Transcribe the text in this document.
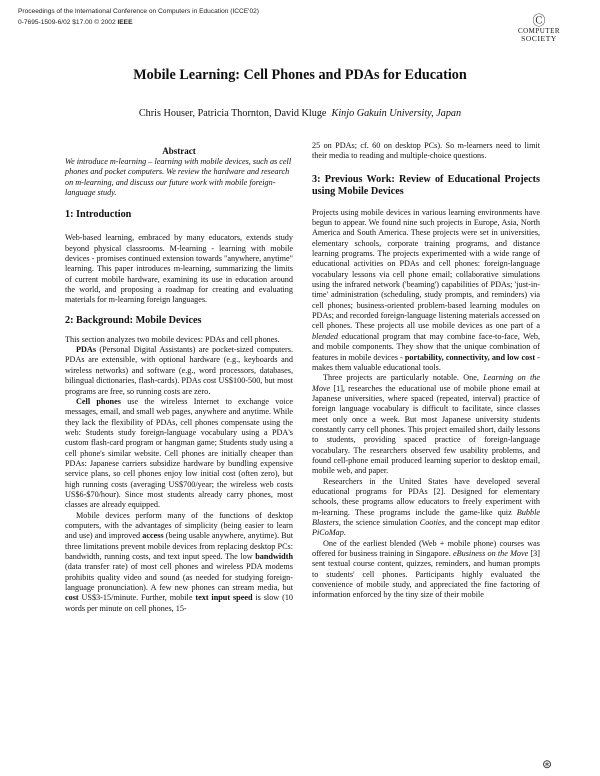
Proceedings of the International Conference on Computers in Education (ICCE'02)
0-7695-1509-6/02 $17.00 © 2002 IEEE	Ⓒ
COMPUTER
SOCIETY
Mobile Learning: Cell Phones and PDAs for Education
Chris Houser, Patricia Thornton, David Kluge Kinjo Gakuin University, Japan
Abstract

We introduce m-learning – learning with mobile devices, such as cell phones and pocket computers. We review the hardware and research on m-learning, and discuss our future work with mobile foreign-language study.

1: Introduction

Web-based learning, embraced by many educators, extends study beyond physical classrooms. M-learning - learning with mobile devices - promises continued extension towards "anywhere, anytime" learning. This paper introduces m-learning, summarizing the limits of current mobile hardware, examining its use in education around the world, and proposing a roadmap for creating and evaluating materials for m-learning foreign languages.

2: Background: Mobile Devices

This section analyzes two mobile devices: PDAs and cell phones.

PDAs (Personal Digital Assistants) are pocket-sized computers. PDAs are extensible, with optional hardware (e.g., keyboards and wireless networks) and software (e.g., word processors, databases, bilingual dictionaries, flash-cards). PDAs cost US$100-500, but most programs are free, so running costs are zero.

Cell phones use the wireless Internet to exchange voice messages, email, and small web pages, anywhere and anytime. While they lack the flexibility of PDAs, cell phones compensate using the web: Students study foreign-language vocabulary using a PDA's custom flash-card program or hangman game; Students study using a cell phone's similar website. Cell phones are initially cheaper than PDAs: Japanese carriers subsidize hardware by bundling expensive service plans, so cell phones enjoy low initial cost (often zero), but high running costs (averaging US$700/year; the wireless web costs US$6-$70/hour). Since most students already carry phones, most classes are already equipped.

Mobile devices perform many of the functions of desktop computers, with the advantages of simplicity (being easier to learn and use) and improved access (being usable anywhere, anytime). But three limitations prevent mobile devices from replacing desktop PCs: bandwidth, running costs, and text input speed. The low bandwidth (data transfer rate) of most cell phones and wireless PDA modems prohibits quality video and sound (as needed for studying foreign-language pronunciation). A few new phones can stream media, but cost US$3-15/minute. Further, mobile text input speed is slow (10 words per minute on cell phones, 15-

25 on PDAs; cf. 60 on desktop PCs). So m-learners need to limit their media to reading and multiple-choice questions.

3: Previous Work: Review of Educational Projects using Mobile Devices

Projects using mobile devices in various learning environments have begun to appear. We found nine such projects in Europe, Asia, North America and South America. These projects were set in universities, elementary schools, corporate training programs, and distance learning programs. The projects experimented with a wide range of educational activities on PDAs and cell phones: foreign-language vocabulary lessons via cell phone email; collaborative simulations using the infrared network ('beaming') capabilities of PDAs; 'just-in-time' administration (scheduling, study prompts, and reminders) via cell phones; business-oriented problem-based learning modules on PDAs; and recorded foreign-language listening materials accessed on cell phones. These projects all use mobile devices as one part of a blended educational program that may combine face-to-face, Web, and mobile components. They show that the unique combination of features in mobile devices - portability, connectivity, and low cost - makes them valuable educational tools.

Three projects are particularly notable. One, Learning on the Move [1], researches the educational use of mobile phone email at Japanese universities, where spaced (repeated, interval) practice of foreign language vocabulary is difficult to facilitate, since classes meet only once a week. But most Japanese university students constantly carry cell phones. This project emailed short, daily lessons to students, providing spaced practice of foreign-language vocabulary. The researchers observed few usability problems, and found cell-phone email produced learning superior to desktop email, mobile web, and paper.

Researchers in the United States have developed several educational programs for PDAs [2]. Designed for elementary schools, these programs allow educators to freely experiment with m-learning. These programs include the game-like quiz Bubble Blasters, the science simulation Cooties, and the concept map editor PiCoMap.

One of the earliest blended (Web + mobile phone) courses was offered for business training in Singapore. eBusiness on the Move [3] sent textual course content, quizzes, reminders, and human prompts to students' cell phones. Participants highly evaluated the convenience of mobile study, and appreciated the fine factoring of information enforced by the tiny size of their mobile

⊛
